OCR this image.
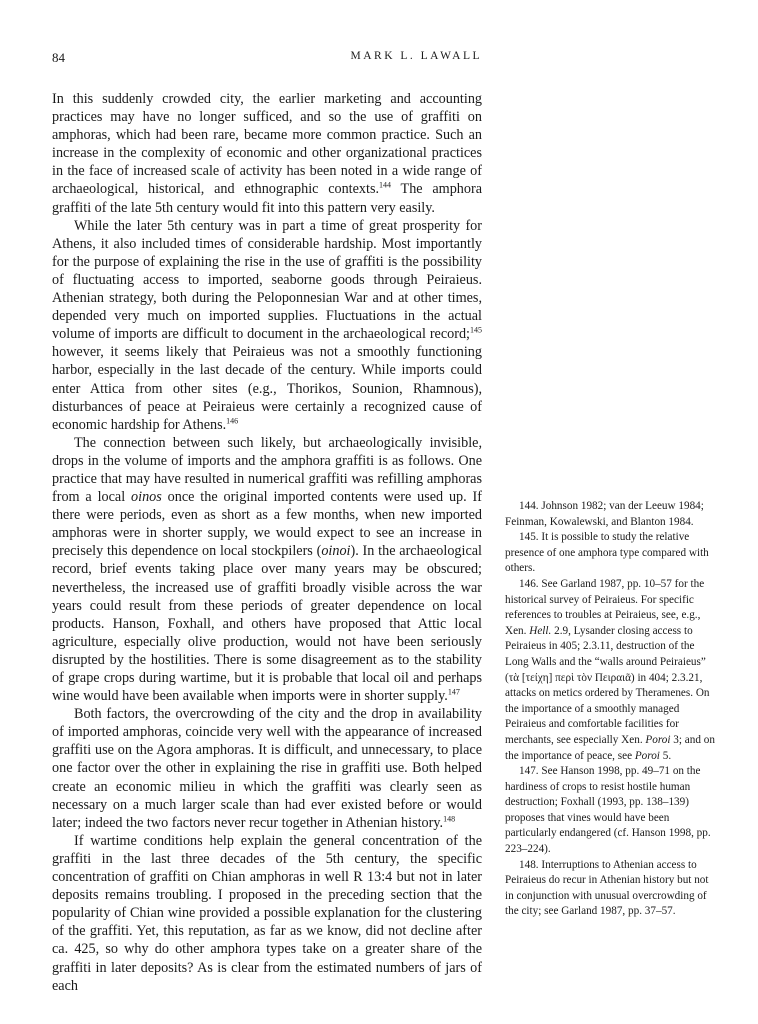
84	MARK L. LAWALL

In this suddenly crowded city, the earlier marketing and accounting practices may have no longer sufficed, and so the use of graffiti on amphoras, which had been rare, became more common practice. Such an increase in the complexity of economic and other organizational practices in the face of increased scale of activity has been noted in a wide range of archaeological, historical, and ethnographic contexts.$^{144}$ The amphora graffiti of the late 5th century would fit into this pattern very easily.

While the later 5th century was in part a time of great prosperity for Athens, it also included times of considerable hardship. Most importantly for the purpose of explaining the rise in the use of graffiti is the possibility of fluctuating access to imported, seaborne goods through Peiraieus. Athenian strategy, both during the Peloponnesian War and at other times, depended very much on imported supplies. Fluctuations in the actual volume of imports are difficult to document in the archaeological record;$^{145}$ however, it seems likely that Peiraieus was not a smoothly functioning harbor, especially in the last decade of the century. While imports could enter Attica from other sites (e.g., Thorikos, Sounion, Rhamnous), disturbances of peace at Peiraieus were certainly a recognized cause of economic hardship for Athens.$^{146}$

The connection between such likely, but archaeologically invisible, drops in the volume of imports and the amphora graffiti is as follows. One practice that may have resulted in numerical graffiti was refilling amphoras from a local oinos once the original imported contents were used up. If there were periods, even as short as a few months, when new imported amphoras were in shorter supply, we would expect to see an increase in precisely this dependence on local stockpilers (oinoi). In the archaeological record, brief events taking place over many years may be obscured; nevertheless, the increased use of graffiti broadly visible across the war years could result from these periods of greater dependence on local products. Hanson, Foxhall, and others have proposed that Attic local agriculture, especially olive production, would not have been seriously disrupted by the hostilities. There is some disagreement as to the stability of grape crops during wartime, but it is probable that local oil and perhaps wine would have been available when imports were in shorter supply.$^{147}$

Both factors, the overcrowding of the city and the drop in availability of imported amphoras, coincide very well with the appearance of increased graffiti use on the Agora amphoras. It is difficult, and unnecessary, to place one factor over the other in explaining the rise in graffiti use. Both helped create an economic milieu in which the graffiti was clearly seen as necessary on a much larger scale than had ever existed before or would later; indeed the two factors never recur together in Athenian history.$^{148}$

If wartime conditions help explain the general concentration of the graffiti in the last three decades of the 5th century, the specific concentration of graffiti on Chian amphoras in well R 13:4 but not in later deposits remains troubling. I proposed in the preceding section that the popularity of Chian wine provided a possible explanation for the clustering of the graffiti. Yet, this reputation, as far as we know, did not decline after ca. 425, so why do other amphora types take on a greater share of the graffiti in later deposits? As is clear from the estimated numbers of jars of each

144. Johnson 1982; van der Leeuw 1984; Feinman, Kowalewski, and Blanton 1984.

145. It is possible to study the relative presence of one amphora type compared with others.

146. See Garland 1987, pp. 10–57 for the historical survey of Peiraieus. For specific references to troubles at Peiraieus, see, e.g., Xen. Hell. 2.9, Lysander closing access to Peiraieus in 405; 2.3.11, destruction of the Long Walls and the “walls around Peiraieus” (τὰ [τείχη] περὶ τὸν Πειραιᾶ) in 404; 2.3.21, attacks on metics ordered by Theramenes. On the importance of a smoothly managed Peiraieus and comfortable facilities for merchants, see especially Xen. Poroi 3; and on the importance of peace, see Poroi 5.

147. See Hanson 1998, pp. 49–71 on the hardiness of crops to resist hostile human destruction; Foxhall (1993, pp. 138–139) proposes that vines would have been particularly endangered (cf. Hanson 1998, pp. 223–224).

148. Interruptions to Athenian access to Peiraieus do recur in Athenian history but not in conjunction with unusual overcrowding of the city; see Garland 1987, pp. 37–57.
